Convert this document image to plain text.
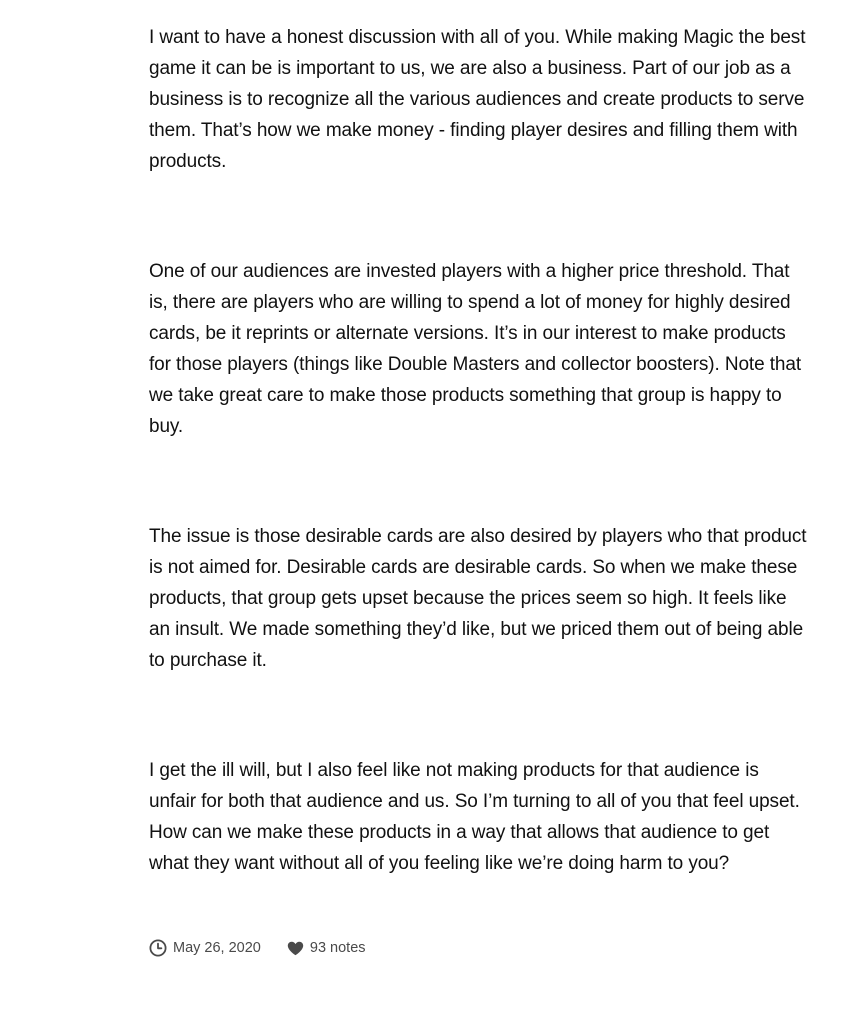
I want to have a honest discussion with all of you. While making Magic the best game it can be is important to us, we are also a business. Part of our job as a business is to recognize all the various audiences and create products to serve them. That’s how we make money - finding player desires and filling them with products.

One of our audiences are invested players with a higher price threshold. That is, there are players who are willing to spend a lot of money for highly desired cards, be it reprints or alternate versions. It’s in our interest to make products for those players (things like Double Masters and collector boosters). Note that we take great care to make those products something that group is happy to buy.

The issue is those desirable cards are also desired by players who that product is not aimed for. Desirable cards are desirable cards. So when we make these products, that group gets upset because the prices seem so high. It feels like an insult. We made something they’d like, but we priced them out of being able to purchase it.

I get the ill will, but I also feel like not making products for that audience is unfair for both that audience and us. So I’m turning to all of you that feel upset. How can we make these products in a way that allows that audience to get what they want without all of you feeling like we’re doing harm to you?

May 26, 2020	93 notes
